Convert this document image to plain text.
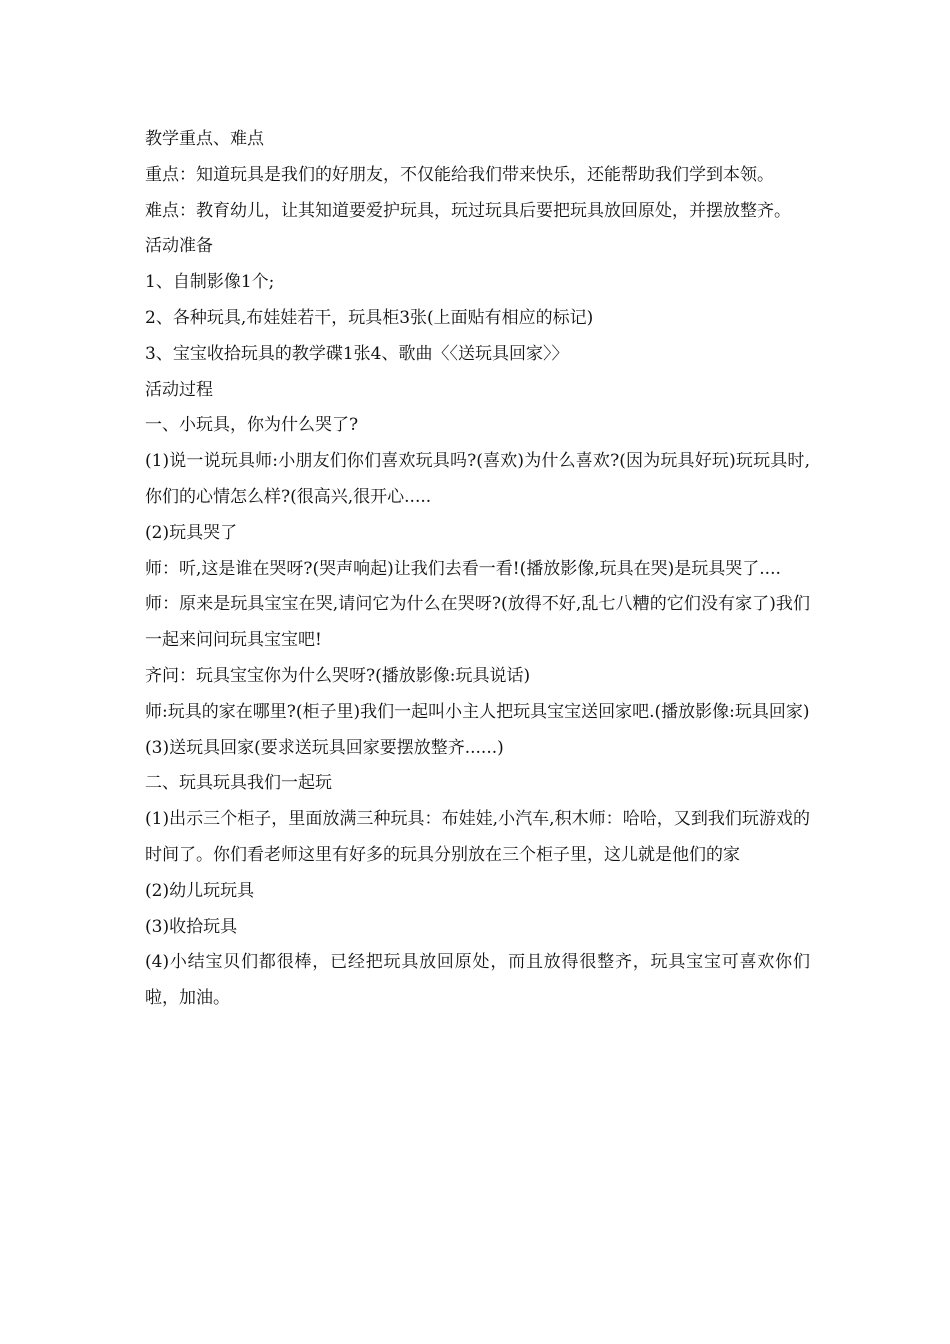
教学重点、难点

重点：知道玩具是我们的好朋友，不仅能给我们带来快乐，还能帮助我们学到本领。

难点：教育幼儿，让其知道要爱护玩具，玩过玩具后要把玩具放回原处，并摆放整齐。

活动准备

1、自制影像1个;

2、各种玩具,布娃娃若干，玩具柜3张(上面贴有相应的标记)

3、宝宝收拾玩具的教学碟1张4、歌曲〈〈送玩具回家〉〉

活动过程

一、小玩具，你为什么哭了?

(1)说一说玩具师:小朋友们你们喜欢玩具吗?(喜欢)为什么喜欢?(因为玩具好玩)玩玩具时,你们的心情怎么样?(很高兴,很开心.....

(2)玩具哭了

师：听,这是谁在哭呀?(哭声响起)让我们去看一看!(播放影像,玩具在哭)是玩具哭了....

师：原来是玩具宝宝在哭,请问它为什么在哭呀?(放得不好,乱七八糟的它们没有家了)我们一起来问问玩具宝宝吧!

齐问：玩具宝宝你为什么哭呀?(播放影像:玩具说话)

师:玩具的家在哪里?(柜子里)我们一起叫小主人把玩具宝宝送回家吧.(播放影像:玩具回家)

(3)送玩具回家(要求送玩具回家要摆放整齐......)

二、玩具玩具我们一起玩

(1)出示三个柜子，里面放满三种玩具：布娃娃,小汽车,积木师：哈哈，又到我们玩游戏的时间了。你们看老师这里有好多的玩具分别放在三个柜子里，这儿就是他们的家

(2)幼儿玩玩具

(3)收拾玩具

(4)小结宝贝们都很棒，已经把玩具放回原处，而且放得很整齐，玩具宝宝可喜欢你们啦，加油。
